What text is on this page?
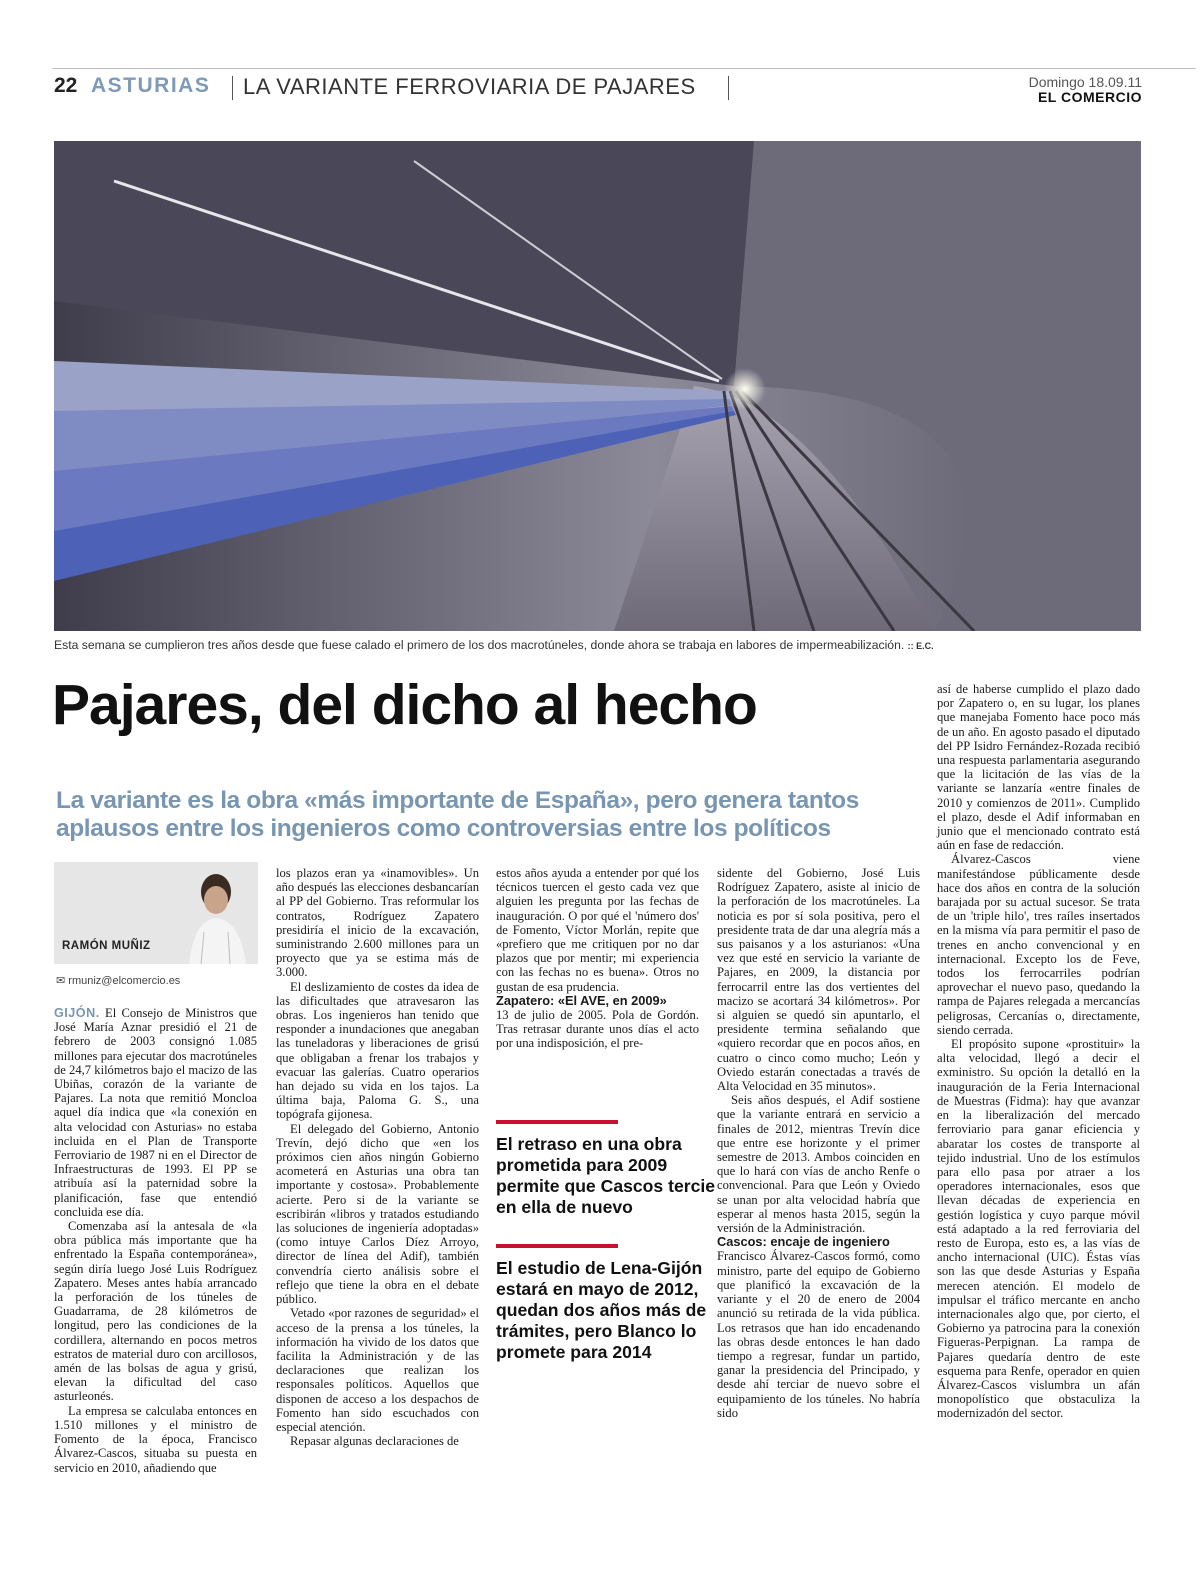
22 ASTURIAS LA VARIANTE FERROVIARIA DE PAJARES	Domingo 18.09.11
EL COMERCIO
Esta semana se cumplieron tres años desde que fuese calado el primero de los dos macrotúneles, donde ahora se trabaja en labores de impermeabilización. :: E.C.
Pajares, del dicho al hecho
La variante es la obra «más importante de España», pero genera tantos aplausos entre los ingenieros como controversias entre los políticos
RAMÓN MUÑIZ
✉ rmuniz@elcomercio.es

GIJÓN. El Consejo de Ministros que José María Aznar presidió el 21 de febrero de 2003 consignó 1.085 millones para ejecutar dos macrotúneles de 24,7 kilómetros bajo el macizo de las Ubiñas, corazón de la variante de Pajares. La nota que remitió Moncloa aquel día indica que «la conexión en alta velocidad con Asturias» no estaba incluida en el Plan de Transporte Ferroviario de 1987 ni en el Director de Infraestructuras de 1993. El PP se atribuía así la paternidad sobre la planificación, fase que entendió concluida ese día.

Comenzaba así la antesala de «la obra pública más importante que ha enfrentado la España contemporánea», según diría luego José Luis Rodríguez Zapatero. Meses antes había arrancado la perforación de los túneles de Guadarrama, de 28 kilómetros de longitud, pero las condiciones de la cordillera, alternando en pocos metros estratos de material duro con arcillosos, amén de las bolsas de agua y grisú, elevan la dificultad del caso asturleonés.

La empresa se calculaba entonces en 1.510 millones y el ministro de Fomento de la época, Francisco Álvarez-Cascos, situaba su puesta en servicio en 2010, añadiendo que

los plazos eran ya «inamovibles». Un año después las elecciones desbancarían al PP del Gobierno. Tras reformular los contratos, Rodríguez Zapatero presidiría el inicio de la excavación, suministrando 2.600 millones para un proyecto que ya se estima más de 3.000.

El deslizamiento de costes da idea de las dificultades que atravesaron las obras. Los ingenieros han tenido que responder a inundaciones que anegaban las tuneladoras y liberaciones de grisú que obligaban a frenar los trabajos y evacuar las galerías. Cuatro operarios han dejado su vida en los tajos. La última baja, Paloma G. S., una topógrafa gijonesa.

El delegado del Gobierno, Antonio Trevín, dejó dicho que «en los próximos cien años ningún Gobierno acometerá en Asturias una obra tan importante y costosa». Probablemente acierte. Pero si de la variante se escribirán «libros y tratados estudiando las soluciones de ingeniería adoptadas» (como intuye Carlos Díez Arroyo, director de línea del Adif), también convendría cierto análisis sobre el reflejo que tiene la obra en el debate público.

Vetado «por razones de seguridad» el acceso de la prensa a los túneles, la información ha vivido de los datos que facilita la Administración y de las declaraciones que realizan los responsales políticos. Aquellos que disponen de acceso a los despachos de Fomento han sido escuchados con especial atención.

Repasar algunas declaraciones de

estos años ayuda a entender por qué los técnicos tuercen el gesto cada vez que alguien les pregunta por las fechas de inauguración. O por qué el 'número dos' de Fomento, Víctor Morlán, repite que «prefiero que me critiquen por no dar plazos que por mentir; mi experiencia con las fechas no es buena». Otros no gustan de esa prudencia.

Zapatero: «El AVE, en 2009»

13 de julio de 2005. Pola de Gordón. Tras retrasar durante unos días el acto por una indisposición, el pre-

El retraso en una obra prometida para 2009 permite que Cascos tercie en ella de nuevo
El estudio de Lena-Gijón estará en mayo de 2012, quedan dos años más de trámites, pero Blanco lo promete para 2014

sidente del Gobierno, José Luis Rodríguez Zapatero, asiste al inicio de la perforación de los macrotúneles. La noticia es por sí sola positiva, pero el presidente trata de dar una alegría más a sus paisanos y a los asturianos: «Una vez que esté en servicio la variante de Pajares, en 2009, la distancia por ferrocarril entre las dos vertientes del macizo se acortará 34 kilómetros». Por si alguien se quedó sin apuntarlo, el presidente termina señalando que «quiero recordar que en pocos años, en cuatro o cinco como mucho; León y Oviedo estarán conectadas a través de Alta Velocidad en 35 minutos».

Seis años después, el Adif sostiene que la variante entrará en servicio a finales de 2012, mientras Trevín dice que entre ese horizonte y el primer semestre de 2013. Ambos coinciden en que lo hará con vías de ancho Renfe o convencional. Para que León y Oviedo se unan por alta velocidad habría que esperar al menos hasta 2015, según la versión de la Administración.

Cascos: encaje de ingeniero

Francisco Álvarez-Cascos formó, como ministro, parte del equipo de Gobierno que planificó la excavación de la variante y el 20 de enero de 2004 anunció su retirada de la vida pública. Los retrasos que han ido encadenando las obras desde entonces le han dado tiempo a regresar, fundar un partido, ganar la presidencia del Principado, y desde ahí terciar de nuevo sobre el equipamiento de los túneles. No habría sido

así de haberse cumplido el plazo dado por Zapatero o, en su lugar, los planes que manejaba Fomento hace poco más de un año. En agosto pasado el diputado del PP Isidro Fernández-Rozada recibió una respuesta parlamentaria asegurando que la licitación de las vías de la variante se lanzaría «entre finales de 2010 y comienzos de 2011». Cumplido el plazo, desde el Adif informaban en junio que el mencionado contrato está aún en fase de redacción.

Álvarez-Cascos viene manifestándose públicamente desde hace dos años en contra de la solución barajada por su actual sucesor. Se trata de un 'triple hilo', tres raíles insertados en la misma vía para permitir el paso de trenes en ancho convencional y en internacional. Excepto los de Feve, todos los ferrocarriles podrían aprovechar el nuevo paso, quedando la rampa de Pajares relegada a mercancías peligrosas, Cercanías o, directamente, siendo cerrada.

El propósito supone «prostituir» la alta velocidad, llegó a decir el exministro. Su opción la detalló en la inauguración de la Feria Internacional de Muestras (Fidma): hay que avanzar en la liberalización del mercado ferroviario para ganar eficiencia y abaratar los costes de transporte al tejido industrial. Uno de los estímulos para ello pasa por atraer a los operadores internacionales, esos que llevan décadas de experiencia en gestión logística y cuyo parque móvil está adaptado a la red ferroviaria del resto de Europa, esto es, a las vías de ancho internacional (UIC). Éstas vías son las que desde Asturias y España merecen atención. El modelo de impulsar el tráfico mercante en ancho internacionales algo que, por cierto, el Gobierno ya patrocina para la conexión Figueras-Perpignan. La rampa de Pajares quedaría dentro de este esquema para Renfe, operador en quien Álvarez-Cascos vislumbra un afán monopolístico que obstaculiza la modernizadón del sector.
